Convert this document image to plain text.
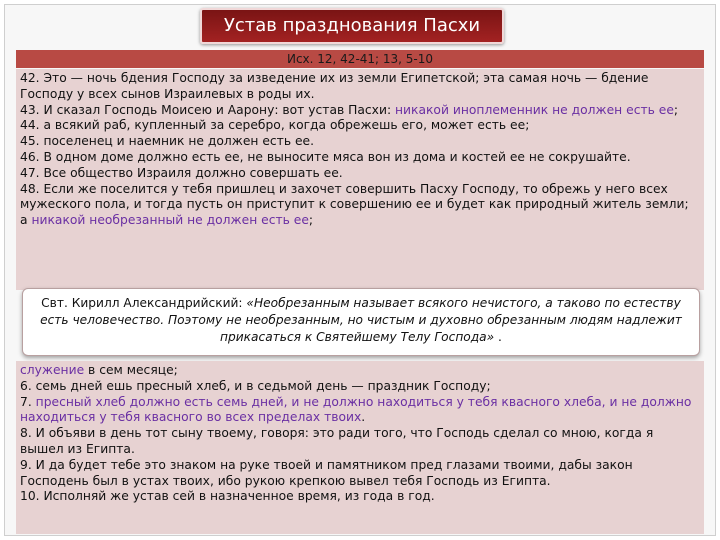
Устав празднования Пасхи
Исх. 12, 42-41; 13, 5-10
42. Это — ночь бдения Господу за изведение их из земли Египетской; эта самая ночь — бдение Господу у всех сынов Израилевых в роды их.
43. И сказал Господь Моисею и Аарону: вот устав Пасхи: никакой иноплеменник не должен есть ее;
44. а всякий раб, купленный за серебро, когда обрежешь его, может есть ее;
45. поселенец и наемник не должен есть ее.
46. В одном доме должно есть ее, не выносите мяса вон из дома и костей ее не сокрушайте.
47. Все общество Израиля должно совершать ее.
48. Если же поселится у тебя пришлец и захочет совершить Пасху Господу, то обрежь у него всех мужеского пола, и тогда пусть он приступит к совершению ее и будет как природный житель земли; а никакой необрезанный не должен есть ее;
Свт. Кирилл Александрийский: «Необрезанным называет всякого нечистого, а таково по естеству есть человечество. Поэтому не необрезанным, но чистым и духовно обрезанным людям надлежит прикасаться к Святейшему Телу Господа» .
служение в сем месяце;
6. семь дней ешь пресный хлеб, и в седьмой день — праздник Господу;
7. пресный хлеб должно есть семь дней, и не должно находиться у тебя квасного хлеба, и не должно находиться у тебя квасного во всех пределах твоих.
8. И объяви в день тот сыну твоему, говоря: это ради того, что Господь сделал со мною, когда я вышел из Египта.
9. И да будет тебе это знаком на руке твоей и памятником пред глазами твоими, дабы закон Господень был в устах твоих, ибо рукою крепкою вывел тебя Господь из Египта.
10. Исполняй же устав сей в назначенное время, из года в год.
